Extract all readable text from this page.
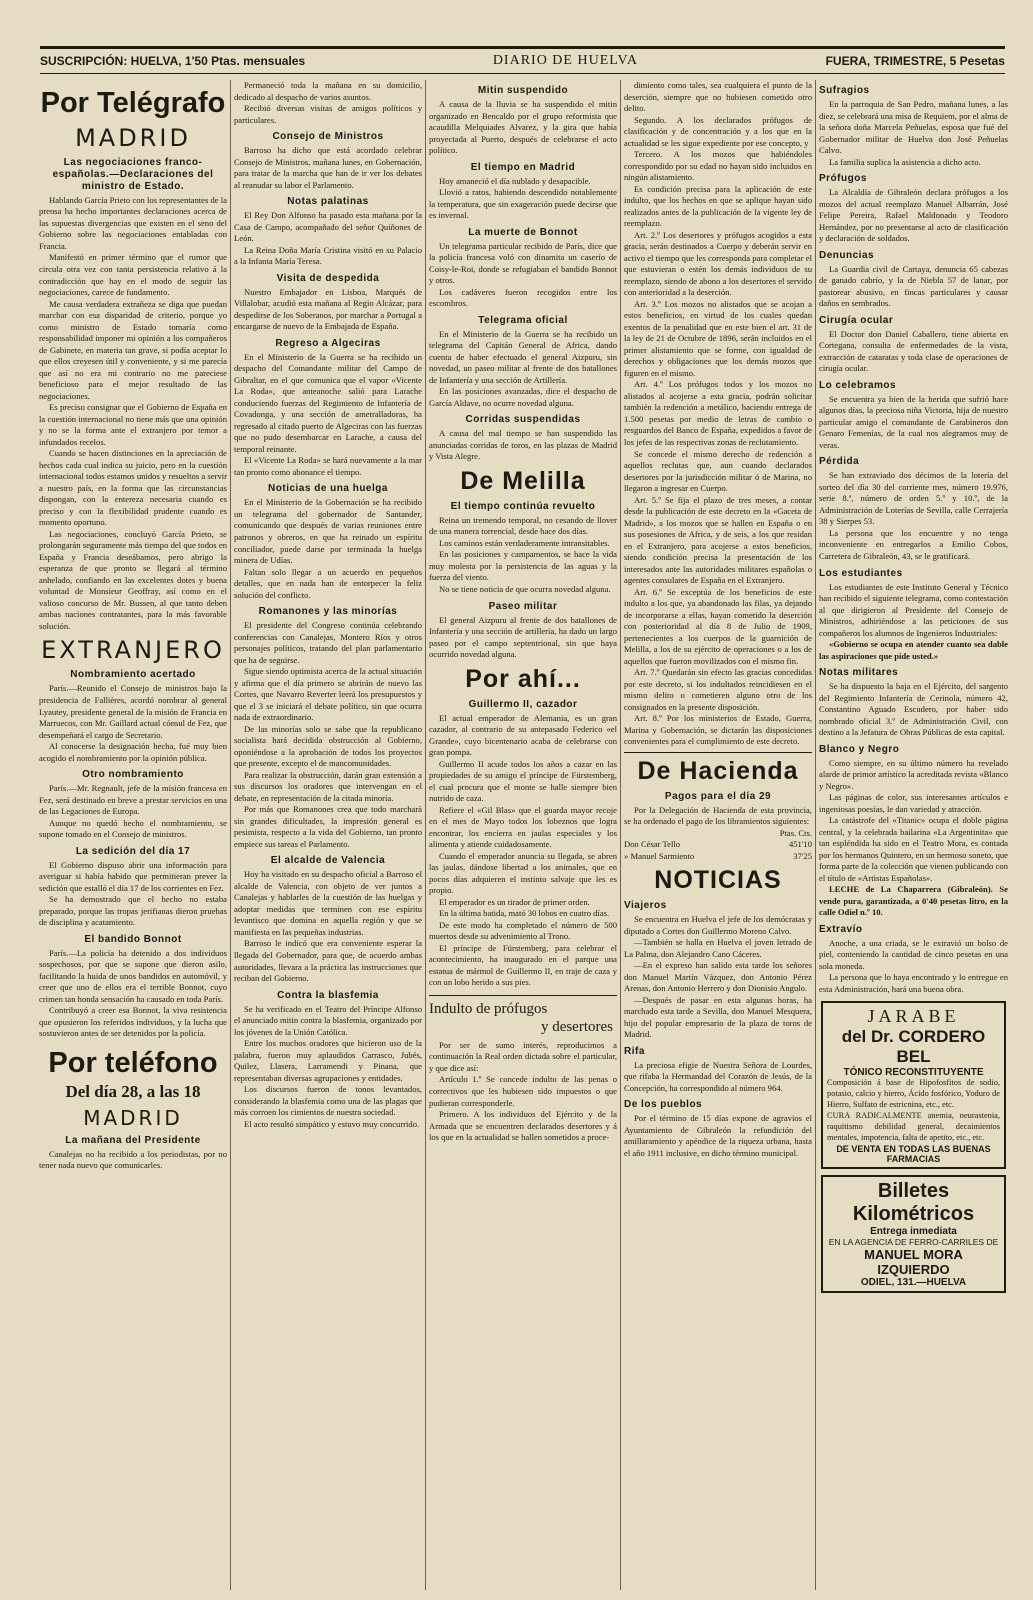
SUSCRIPCIÓN: HUELVA, 1'50 Ptas. mensuales	DIARIO DE HUELVA	FUERA, TRIMESTRE, 5 Pesetas
Por Telégrafo
MADRID
Las negociaciones franco-españolas.—Declaraciones del ministro de Estado.

Hablando García Prieto con los representantes de la prensa ha hecho importantes declaraciones acerca de las supuestas divergencias que existen en el seno del Gobierno sobre las negociaciones entabladas con Francia.

Manifestó en primer término que el rumor que circula otra vez con tanta persistencia relativo á la contradicción que hay en el modo de seguir las negociaciones, carece de fundamento.

Me causa verdadera extrañeza se diga que puedan marchar con esa disparidad de criterio, porque yo como ministro de Estado tomaría como responsabilidad imponer mi opinión a los compañeros de Gabinete, en materia tan grave, si podía aceptar lo que ellos creyesen útil y conveniente, y si me parecía que así no era mi contrario no me pareciese beneficioso para el mejor resultado de las negociaciones.

Es preciso consignar que el Gobierno de España en la cuestión internacional no tiene más que una opinión y no se la forma ante el extranjero por temor a infundados recelos.

Cuando se hacen distinciones en la apreciación de hechos cada cual indica su juicio, pero en la cuestión internacional todos estamos unidos y resueltos a servir a nuestro país, en la forma que las circunstancias dispongan, con la entereza necesaria cuando es preciso y con la flexibilidad prudente cuando es momento oportuno.

Las negociaciones, concluyó García Prieto, se prolongarán seguramente más tiempo del que todos en España y Francia deseábamos, pero abrigo la esperanza de que pronto se llegará al término anhelado, confiando en las excelentes dotes y buena voluntad de Monsieur Geoffray, así como en el valioso concurso de Mr. Bussen, al que tanto deben ambas naciones contratantes, para la más favorable solución.

EXTRANJERO
Nombramiento acertado

París.—Reunido el Consejo de ministros bajo la presidencia de Fallières, acordó nombrar al general Lyautey, presidente general de la misión de Francia en Marruecos, con Mr. Gaillard actual cónsul de Fez, que desempeñará el cargo de Secretario.

Al conocerse la designación hecha, fué muy bien acogido el nombramiento por la opinión pública.

Otro nombramiento

París.—Mr. Regnault, jefe de la misión francesa en Fez, será destinado en breve a prestar servicios en una de las Legaciones de Europa.

Aunque no quedó hecho el nombramiento, se supone tomado en el Consejo de ministros.

La sedición del día 17

El Gobierno dispuso abrir una información para averiguar si había habido que permitieran prever la sedición que estalló el día 17 de los corrientes en Fez.

Se ha demostrado que el hecho no estaba preparado, porque las tropas jerifianas dieron pruebas de disciplina y acatamiento.

El bandido Bonnot

París.—La policía ha detenido a dos individuos sospechosos, por que se supone que dieron asilo, facilitando la huida de unos bandidos en automóvil, y creer que uno de ellos era el terrible Bonnot, cuyo crimen tan honda sensación ha causado en toda París.

Contribuyó a creer esa Bonnot, la viva resistencia que opusieron los referidos individuos, y la lucha que sostuvieron antes de ser detenidos por la policía.

Por teléfono
Del día 28, a las 18
MADRID
La mañana del Presidente

Canalejas no ha recibido a los periodistas, por no tener nada nuevo que comunicarles.

Permaneció toda la mañana en su domicilio, dedicado al despacho de varios asuntos.

Recibió diversas visitas de amigos políticos y particulares.

Consejo de Ministros

Barroso ha dicho que está acordado celebrar Consejo de Ministros, mañana lunes, en Gobernación, para tratar de la marcha que han de ir ver los debates al reanudar su labor el Parlamento.

Notas palatinas

El Rey Don Alfonso ha pasado esta mañana por la Casa de Campo, acompañado del señor Quiñones de León.

La Reina Doña María Cristina visitó en su Palacio a la Infanta María Teresa.

Visita de despedida

Nuestro Embajador en Lisboa, Marqués de Villalobar, acudió esta mañana al Regio Alcázar, para despedirse de los Soberanos, por marchar a Portugal a encargarse de nuevo de la Embajada de España.

Regreso a Algeciras

En el Ministerio de la Guerra se ha recibido un despacho del Comandante militar del Campo de Gibraltar, en el que comunica que el vapor «Vicente La Roda», que anteanoche salió para Larache conduciendo fuerzas del Regimiento de Infantería de Covadonga, y una sección de ametralladoras, ha regresado al citado puerto de Algeciras con las fuerzas que no pudo desembarcar en Larache, a causa del temporal reinante.

El «Vicente La Roda» se hará nuevamente a la mar tan pronto como abonance el tiempo.

Noticias de una huelga

En el Ministerio de la Gobernación se ha recibido un telegrama del gobernador de Santander, comunicando que después de varias reuniones entre patronos y obreros, en que ha reinado un espíritu conciliador, puede darse por terminada la huelga minera de Udías.

Faltan solo llegar a un acuerdo en pequeños detalles, que en nada han de entorpecer la feliz solución del conflicto.

Romanones y las minorías

El presidente del Congreso continúa celebrando conferencias con Canalejas, Montero Ríos y otros personajes políticos, tratando del plan parlamentario que ha de seguirse.

Sigue siendo optimista acerca de la actual situación y afirma que el día primero se abrirán de nuevo las Cortes, que Navarro Reverter leerá los presupuestos y que el 3 se iniciará el debate político, sin que ocurra nada de extraordinario.

De las minorías solo se sabe que la republicano socialista hará decidida obstrucción al Gobierno, oponiéndose a la aprobación de todos los proyectos que presente, excepto el de mancomunidades.

Para realizar la obstrucción, darán gran extensión a sus discursos los oradores que intervengan en el debate, en representación de la citada minoría.

Por más que Romanones crea que todo marchará sin grandes dificultades, la impresión general es pesimista, respecto a la vida del Gobierno, tan pronto empiece sus tareas el Parlamento.

El alcalde de Valencia

Hoy ha visitado en su despacho oficial a Barroso el alcalde de Valencia, con objeto de ver juntos a Canalejas y hablarles de la cuestión de las huelgas y adoptar medidas que terminen con ese espíritu levantisco que domina en aquella región y que se manifiesta en las pequeñas industrias.

Barroso le indicó que era conveniente esperar la llegada del Gobernador, para que, de acuerdo ambas autoridades, llevara a la práctica las instrucciones que reciban del Gobierno.

Contra la blasfemia

Se ha verificado en el Teatro del Príncipe Alfonso el anunciado mitin contra la blasfemia, organizado por los jóvenes de la Unión Católica.

Entre los muchos oradores que hicieron uso de la palabra, fueron muy aplaudidos Carrasco, Jubés, Quilez, Llasera, Larramendi y Pinana, que representaban diversas agrupaciones y entidades.

Los discursos fueron de tonos levantados, considerando la blasfemia como una de las plagas que más corroen los cimientos de nuestra sociedad.

El acto resultó simpático y estuvo muy concurrido.

Mitin suspendido

A causa de la lluvia se ha suspendido el mitin organizado en Bencaldo por el grupo reformista que acaudilla Melquiades Alvarez, y la gira que había proyectada al Puerto, después de celebrarse el acto político.

El tiempo en Madrid

Hoy amaneció el día nublado y desapacible.

Llovió a ratos, habiendo descendido notablemente la temperatura, que sin exageración puede decirse que es invernal.

La muerte de Bonnot

Un telegrama particular recibido de París, dice que la policía francesa voló con dinamita un caserío de Coisy-le-Roi, donde se refugiaban el bandido Bonnot y otros.

Los cadáveres fueron recogidos entre los escombros.

Telegrama oficial

En el Ministerio de la Guerra se ha recibido un telegrama del Capitán General de Africa, dando cuenta de haber efectuado el general Aizpuru, sin novedad, un paseo militar al frente de dos batallones de Infantería y una sección de Artillería.

En las posiciones avanzadas, dice el despacho de García Aldave, no ocurre novedad alguna.

Corridas suspendidas

A causa del mal tiempo se han suspendido las anunciadas corridas de toros, en las plazas de Madrid y Vista Alegre.

De Melilla
El tiempo continúa revuelto

Reina un tremendo temporal, no cesando de llover de una manera torrencial, desde hace dos días.

Los caminos están verdaderamente intransitables.

En las posiciones y campamentos, se hace la vida muy molesta por la persistencia de las aguas y la fuerza del viento.

No se tiene noticia de que ocurra novedad alguna.

Paseo militar

El general Aizpuru al frente de dos batallones de Infantería y una sección de artillería, ha dado un largo paseo por el campo septentrional, sin que haya ocurrido novedad alguna.

Por ahí...
Guillermo II, cazador

El actual emperador de Alemania, es un gran cazador, al contrario de su antepasado Federico «el Grande», cuyo bicentenario acaba de celebrarse con gran pompa.

Guillermo II acude todos los años a cazar en las propiedades de su amigo el príncipe de Fürstemberg, el cual procura que el monte se halle siempre bien nutrido de caza.

Refiere el «Gil Blas» que el guarda mayor recoje en el mes de Mayo todos los lobeznos que logra encontrar, los encierra en jaulas especiales y los alimenta y atiende cuidadosamente.

Cuando el emperador anuncia su llegada, se abren las jaulas, dándose libertad a los animales, que en pocos días adquieren el instinto salvaje que les es propio.

El emperador es un tirador de primer orden.

En la última batida, mató 30 lobos en cuatro días.

De este modo ha completado el número de 500 muertos desde su advenimiento al Trono.

El príncipe de Fürstemberg, para celebrar el acontecimiento, ha inaugurado en el parque una estatua de mármol de Guillermo II, en traje de caza y con un lobo herido a sus pies.

Indulto de prófugos
y desertores

Por ser de sumo interés, reproducimos a continuación la Real orden dictada sobre el particular, y que dice así:

Artículo 1.º Se concede indulto de las penas o correctivos que les hubiesen sido impuestos o que pudieran corresponderle.

Primero. A los individuos del Ejército y de la Armada que se encuentren declarados desertores y á los que en la actualidad se hallen sometidos a proce-

dimiento como tales, sea cualquiera el punto de la deserción, siempre que no hubiesen cometido otro delito.

Segundo. A los declarados prófugos de clasificación y de concentración y a los que en la actualidad se les sigue expediente por ese concepto, y

Tercero. A los mozos que habiéndoles correspondido por su edad no hayan sido incluidos en ningún alistamiento.

Es condición precisa para la aplicación de este indulto, que los hechos en que se aplique hayan sido realizados antes de la publicación de la vigente ley de reemplazo.

Art. 2.º Los desertores y prófugos acogidos a esta gracia, serán destinados a Cuerpo y deberán servir en activo el tiempo que les corresponda para completar el que estuvieran o estén los demás individuos de su reemplazo, siendo de abono a los desertores el servido con anterioridad a la deserción.

Art. 3.º Los mozos no alistados que se acojan a estos beneficios, en virtud de los cuales quedan exentos de la penalidad que en este bien el art. 31 de la ley de 21 de Octubre de 1896, serán incluidos en el primer alistamiento que se forme, con igualdad de derechos y obligaciones que los demás mozos que figuren en el mismo.

Art. 4.º Los prófugos todos y los mozos no alistados al acojerse a esta gracia, podrán solicitar también la redención a metálico, haciendo entrega de 1.500 pesetas por medio de letras de cambio o resguardos del Banco de España, expedidos a favor de los jefes de las respectivas zonas de reclutamiento.

Se concede el mismo derecho de redención a aquellos reclutas que, aun cuando declarados desertores por la jurisdicción militar ó de Marina, no llegaron a ingresar en Cuerpo.

Art. 5.º Se fija el plazo de tres meses, a contar desde la publicación de este decreto en la «Gaceta de Madrid», a los mozos que se hallen en España o en sus posesiones de Africa, y de seis, a los que residan en el Extranjero, para acojerse a estos beneficios, siendo condición precisa la presentación de los interesados ante las autoridades militares españolas o agentes consulares de España en el Extranjero.

Art. 6.º Se exceptúa de los beneficios de este indulto a los que, ya abandonado las filas, ya dejando de incorporarse a ellas, hayan cometido la deserción con posterioridad al día 8 de Julio de 1909, pertenecientes a los cuerpos de la guarnición de Melilla, a los de su ejército de operaciones o a los de aquellos que fueron movilizados con el mismo fin.

Art. 7.º Quedarán sin efecto las gracias concedidas por este decreto, si los indultados reincidiesen en el mismo delito o cometieren alguno otro de los consignados en la presente disposición.

Art. 8.º Por los ministerios de Estado, Guerra, Marina y Gobernación, se dictarán las disposiciones convenientes para el cumplimiento de este decreto.

De Hacienda
Pagos para el día 29

Por la Delegación de Hacienda de esta provincia, se ha ordenado el pago de los libramientos siguientes:

Ptas. Cts.
Don César Tello	451'10
» Manuel Sarmiento	37'25
NOTICIAS
Viajeros

Se encuentra en Huelva el jefe de los demócratas y diputado a Cortes don Guillermo Moreno Calvo.

—También se halla en Huelva el joven letrado de La Palma, don Alejandro Cano Cáceres.

—En el expreso han salido esta tarde los señores don Manuel Martín Vázquez, don Antonio Pérez Arenas, don Antonio Herrero y don Dionisio Angulo.

—Después de pasar en esta algunas horas, ha marchado esta tarde a Sevilla, don Manuel Mesquera, hijo del popular empresario de la plaza de toros de Madrid.

Rifa

La preciosa efigie de Nuestra Señora de Lourdes, que rifaba la Hermandad del Corazón de Jesús, de la Concepción, ha correspondido al número 964.

De los pueblos

Por el término de 15 días expone de agravios el Ayuntamiento de Gibraleón la refundición del amillaramiento y apéndice de la riqueza urbana, hasta el año 1911 inclusive, en dicho término municipal.

Sufragios

En la parroquia de San Pedro, mañana lunes, a las diez, se celebrará una misa de Requiem, por el alma de la señora doña Marcela Peñuelas, esposa que fué del Gobernador militar de Huelva don José Peñuelas Calvo.

La familia suplica la asistencia a dicho acto.

Prófugos

La Alcaldía de Gibraleón declara prófugos a los mozos del actual reemplazo Manuel Albarrán, José Felipe Pereira, Rafael Maldonado y Teodoro Hernández, por no presentarse al acto de clasificación y declaración de soldados.

Denuncias

La Guardia civil de Cartaya, denuncia 65 cabezas de ganado cabrío, y la de Niebla 57 de lanar, por pastorear abusivo, en fincas particulares y causar daños en sembrados.

Cirugía ocular

El Doctor don Daniel Caballero, tiene abierta en Cortegana, consulta de enfermedades de la vista, extracción de cataratas y toda clase de operaciones de cirugía ocular.

Lo celebramos

Se encuentra ya bien de la herida que sufrió hace algunos días, la preciosa niña Victoria, hija de nuestro particular amigo el comandante de Carabineros don Genaro Femenías, de la cual nos alegramos muy de veras.

Pérdida

Se han extraviado dos décimos de la lotería del sorteo del día 30 del corriente mes, número 19.976, serie 8.ª, número de orden 5.º y 10.º, de la Administración de Loterías de Sevilla, calle Cerrajería 38 y Sierpes 53.

La persona que los encuentre y no tenga inconveniente en entregarlos a Emilio Cobos, Carretera de Gibraleón, 43, se le gratificará.

Los estudiantes

Los estudiantes de este Instituto General y Técnico han recibido el siguiente telegrama, como contestación al que dirigieron al Presidente del Consejo de Ministros, adhiriéndose a las peticiones de sus compañeros los alumnos de Ingenieros Industriales:

«Gobierno se ocupa en atender cuanto sea dable las aspiraciones que pide usted.»

Notas militares

Se ha dispuesto la baja en el Ejército, del sargento del Regimiento Infantería de Cerinola, número 42, Constantino Aguado Escudero, por haber sido nombrado oficial 3.º de Administración Civil, con destino a la Jefatura de Obras Públicas de esta capital.

Blanco y Negro

Como siempre, en su último número ha revelado alarde de primor artístico la acreditada revista «Blanco y Negro».

Las páginas de color, sus interesantes artículos e ingeniosas poesías, le dan variedad y atracción.

La catástrofe del «Titanic» ocupa el doble página central, y la celebrada bailarina «La Argentinita» que tan espléndida ha sido en el Teatro Mora, es contada por los hermanos Quintero, en un hermoso soneto, que forma parte de la colección que vienen publicando con el título de «Artistas Españolas».

LECHE de La Chaparrera (Gibraleón). Se vende pura, garantizada, a 0'40 pesetas litro, en la calle Odiel n.º 10.

Extravío

Anoche, a una criada, se le extravió un bolso de piel, conteniendo la cantidad de cinco pesetas en una sola moneda.

La persona que lo haya encontrado y lo entregue en esta Administración, hará una buena obra.

JARABE
del Dr. CORDERO BEL
TÓNICO RECONSTITUYENTE
Composición á base de Hipofosfitos de sodio, potasio, calcio y hierro, Ácido fosfórico, Yoduro de Hierro, Sulfato de estricnina, etc., etc.
CURA RADICALMENTE anemia, neurastenia, raquitismo debilidad general, decaimientos mentales, impotencia, falta de apetito, etc., etc.
DE VENTA EN TODAS LAS BUENAS FARMACIAS
Billetes Kilométricos
Entrega inmediata
EN LA AGENCIA DE FERRO-CARRILES DE
MANUEL MORA IZQUIERDO
ODIEL, 131.—HUELVA
